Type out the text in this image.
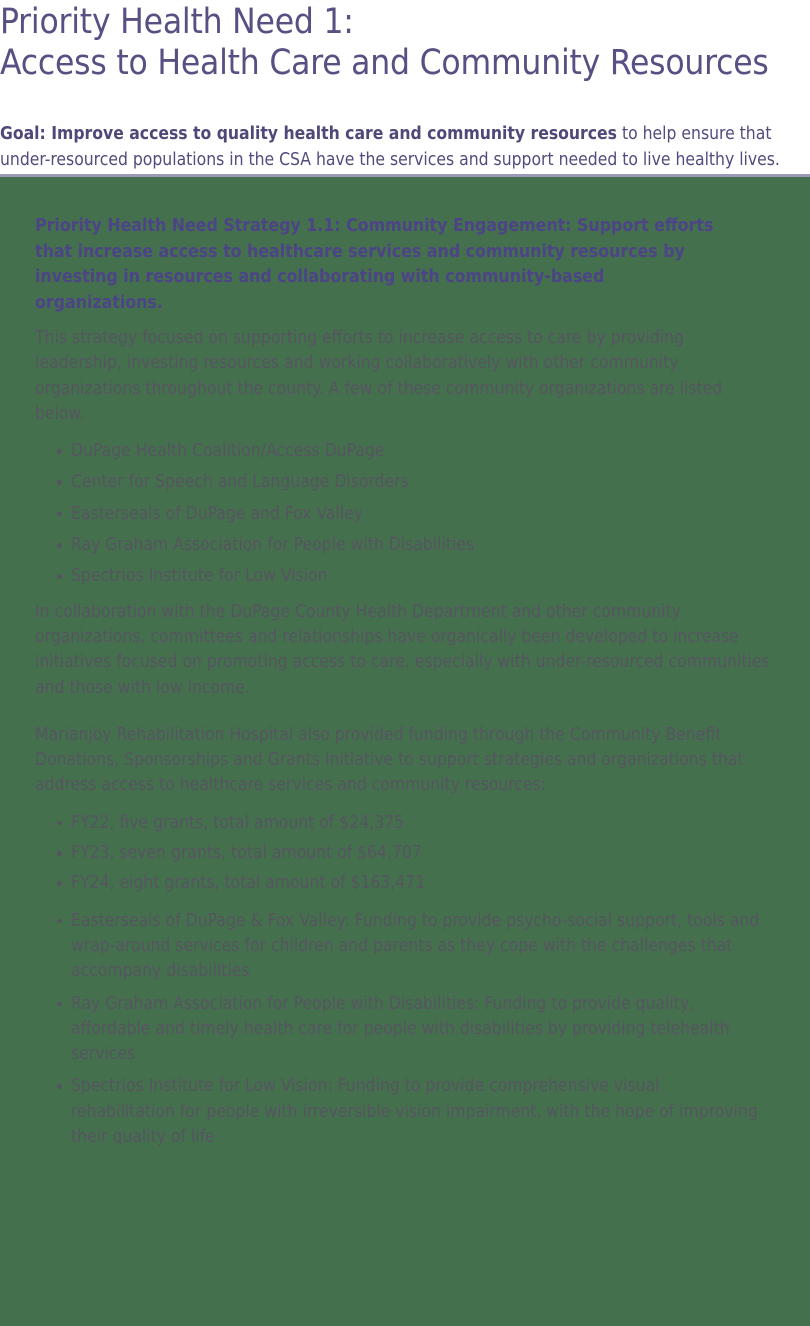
Priority Health Need 1:
Access to Health Care and Community Resources

Goal: Improve access to quality health care and community resources to help ensure that under-resourced populations in the CSA have the services and support needed to live healthy lives.

Priority Health Need Strategy 1.1: Community Engagement: Support efforts that increase access to healthcare services and community resources by investing in resources and collaborating with community-based organizations.

This strategy focused on supporting efforts to increase access to care by providing leadership, investing resources and working collaboratively with other community organizations throughout the county. A few of these community organizations are listed below.

DuPage Health Coalition/Access DuPage
Center for Speech and Language Disorders
Easterseals of DuPage and Fox Valley
Ray Graham Association for People with Disabilities
Spectrios Institute for Low Vision

In collaboration with the DuPage County Health Department and other community organizations, committees and relationships have organically been developed to increase initiatives focused on promoting access to care, especially with under-resourced communities and those with low income.

Marianjoy Rehabilitation Hospital also provided funding through the Community Benefit Donations, Sponsorships and Grants Initiative to support strategies and organizations that address access to healthcare services and community resources:

FY22, five grants, total amount of $24,375
FY23, seven grants, total amount of $64,707
FY24, eight grants, total amount of $163,471
Easterseals of DuPage & Fox Valley: Funding to provide psycho-social support, tools and wrap-around services for children and parents as they cope with the challenges that accompany disabilities
Ray Graham Association for People with Disabilities: Funding to provide quality, affordable and timely health care for people with disabilities by providing telehealth services
Spectrios Institute for Low Vision: Funding to provide comprehensive visual rehabilitation for people with irreversible vision impairment, with the hope of improving their quality of life
